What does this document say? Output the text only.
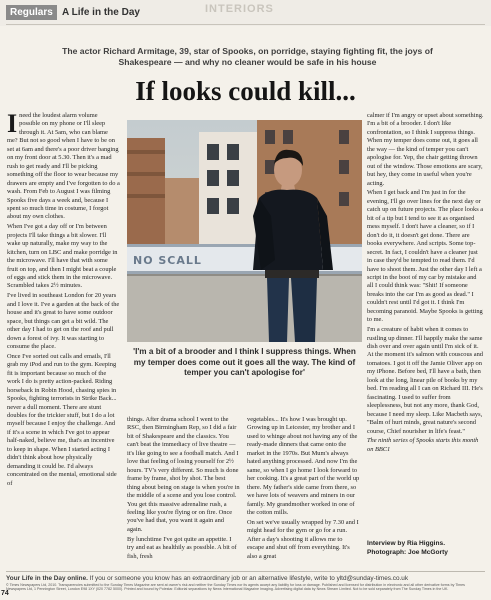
Regulars A Life in the Day	INTERIORS
The actor Richard Armitage, 39, star of Spooks, on porridge, staying fighting fit, the joys of Shakespeare — and why no cleaner would be safe in his house
If looks could kill...

Ineed the loudest alarm volume possible on my phone or I'll sleep through it. At 5am, who can blame me? But not so good when I have to be on set at 6am and there's a poor driver banging on my front door at 5.30. Then it's a mad rush to get ready and I'll be picking something off the floor to wear because my drawers are empty and I've forgotten to do a wash. From Feb to August I was filming Spooks five days a week and, because I spent so much time in costume, I forgot about my own clothes.

When I've got a day off or I'm between projects I'll take things a bit slower. I'll wake up naturally, make my way to the kitchen, turn on LBC and make porridge in the microwave. I'll have that with some fruit on top, and then I might beat a couple of eggs and stick them in the microwave. Scrambled takes 2½ minutes.

I've lived in southeast London for 20 years and I love it. I've a garden at the back of the house and it's great to have some outdoor space, but things can get a bit wild. The other day I had to get on the roof and pull down a forest of ivy. It was starting to consume the place.

Once I've sorted out calls and emails, I'll grab my iPod and run to the gym. Keeping fit is important because so much of the work I do is pretty action-packed. Riding horseback in Robin Hood, chasing spies in Spooks, fighting terrorists in Strike Back... never a dull moment. There are stunt doubles for the trickier stuff, but I do a lot myself because I enjoy the challenge. And if it's a scene in which I've got to appear half-naked, believe me, that's an incentive to keep in shape. When I started acting I didn't think about how physically demanding it could be. I'd always concentrated on the mental, emotional side of

NO SCALL
'I'm a bit of a brooder and I think I suppress things. When my temper does come out it goes all the way. The kind of temper you can't apologise for'

things. After drama school I went to the RSC, then Birmingham Rep, so I did a fair bit of Shakespeare and the classics. You can't beat the immediacy of live theatre — it's like going to see a football match. And I love that feeling of losing yourself for 2½ hours. TV's very different. So much is done frame by frame, shot by shot. The best thing about being on stage is when you're in the middle of a scene and you lose control. You get this massive adrenaline rush, a feeling like you're flying or on fire. Once you've had that, you want it again and again.

By lunchtime I've got quite an appetite. I try and eat as healthily as possible. A bit of fish, fresh

vegetables... It's how I was brought up. Growing up in Leicester, my brother and I used to whinge about not having any of the ready-made dinners that came onto the market in the 1970s. But Mum's always hated anything processed. And now I'm the same, so when I go home I look forward to her cooking. It's a great part of the world up there. My father's side came from there, so we have lots of weavers and miners in our family. My grandmother worked in one of the cotton mills.

On set we've usually wrapped by 7.30 and I might head for the gym or go for a run. After a day's shooting it allows me to escape and shut off from everything. It's also a great

calmer if I'm angry or upset about something. I'm a bit of a brooder. I don't like confrontation, so I think I suppress things. When my temper does come out, it goes all the way — the kind of temper you can't apologise for. Yep, the chair getting thrown out of the window. Those emotions are scary, but hey, they come in useful when you're acting.

When I get back and I'm just in for the evening, I'll go over lines for the next day or catch up on future projects. The place looks a bit of a tip but I tend to see it as organised mess myself. I don't have a cleaner, so if I don't do it, it doesn't get done. There are books everywhere. And scripts. Some top-secret. In fact, I couldn't have a cleaner just in case they'd be tempted to read them. I'd have to shoot them. Just the other day I left a script in the boot of my car by mistake and all I could think was: "Shit! If someone breaks into the car I'm as good as dead." I couldn't rest until I'd got it. I think I'm becoming paranoid. Maybe Spooks is getting to me.

I'm a creature of habit when it comes to rustling up dinner. I'll happily make the same dish over and over again until I'm sick of it. At the moment it's salmon with couscous and tomatoes. I got it off the Jamie Oliver app on my iPhone. Before bed, I'll have a bath, then look at the long, linear pile of books by my bed. I'm reading all I can on Richard III. He's fascinating. I used to suffer from sleeplessness, but not any more, thank God, because I need my sleep. Like Macbeth says, "Balm of hurt minds, great nature's second course, Chief nourisher in life's feast."

The ninth series of Spooks starts this month on BBC1

Interview by Ria Higgins.
Photograph: Joe McGorty
Your Life in the Day online. If you or someone you know has an extraordinary job or an alternative lifestyle, write to yltd@sunday-times.co.uk
© Times Newspapers Ltd, 2010. Transparencies submitted to the Sunday Times Magazine are sent at owner's risk and neither the Sunday Times nor its agents accept any liability for loss or damage. Published and licensed for distribution in electronic and all other derivative forms by Times Newspapers Ltd, 1 Pennington Street, London E98 1XY (020 7782 5000). Printed and bound by Polestar. Editorial separations by News International Magazine Imaging. Advertising digital data by News Stream Limited. Not to be sold separately from The Sunday Times in the UK.
74
